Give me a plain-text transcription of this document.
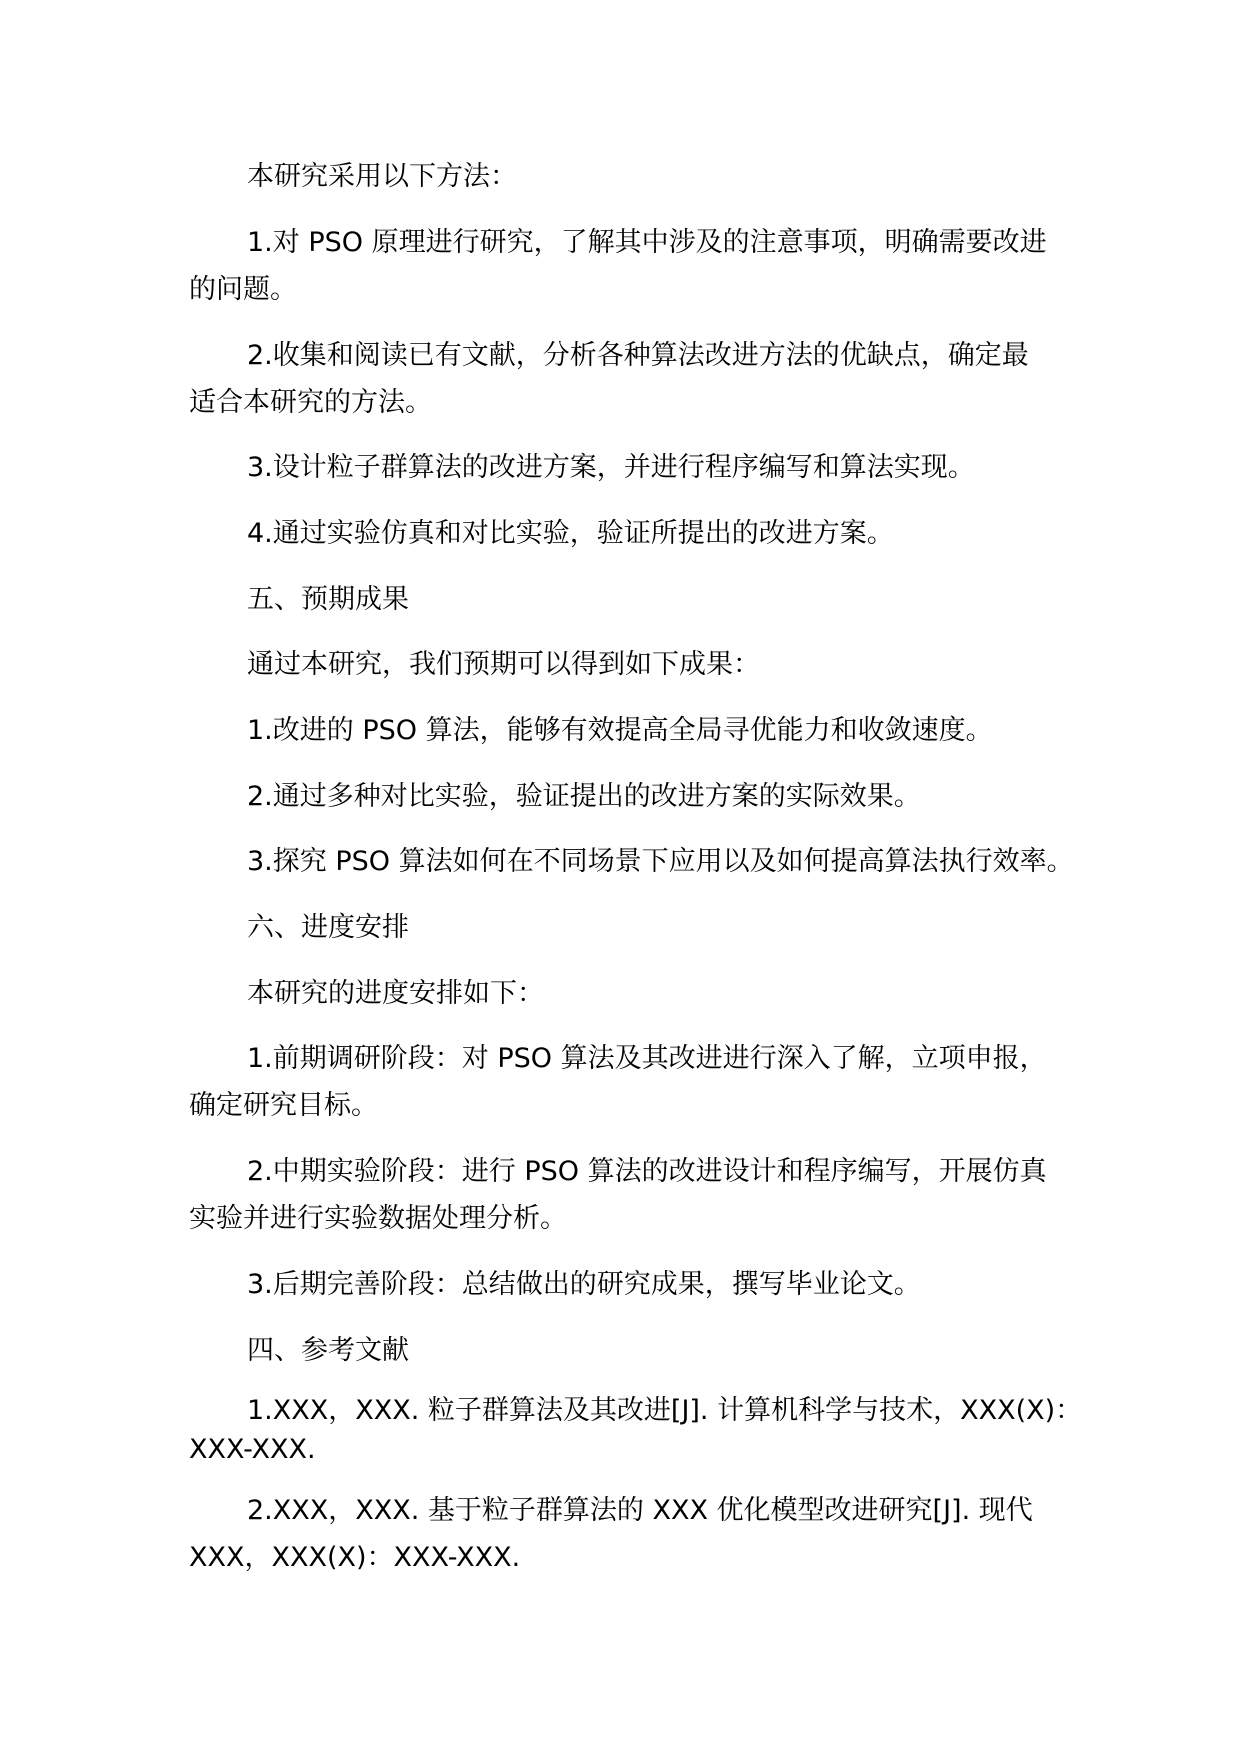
本研究采用以下方法：
1.对 PSO 原理进行研究，了解其中涉及的注意事项，明确需要改进
的问题。
2.收集和阅读已有文献，分析各种算法改进方法的优缺点，确定最
适合本研究的方法。
3.设计粒子群算法的改进方案，并进行程序编写和算法实现。
4.通过实验仿真和对比实验，验证所提出的改进方案。
五、预期成果
通过本研究，我们预期可以得到如下成果：
1.改进的 PSO 算法，能够有效提高全局寻优能力和收敛速度。
2.通过多种对比实验，验证提出的改进方案的实际效果。
3.探究 PSO 算法如何在不同场景下应用以及如何提高算法执行效率。
六、进度安排
本研究的进度安排如下：
1.前期调研阶段：对 PSO 算法及其改进进行深入了解，立项申报，
确定研究目标。
2.中期实验阶段：进行 PSO 算法的改进设计和程序编写，开展仿真
实验并进行实验数据处理分析。
3.后期完善阶段：总结做出的研究成果，撰写毕业论文。
四、参考文献
1.XXX，XXX. 粒子群算法及其改进[J]. 计算机科学与技术，XXX(X)：
XXX-XXX.
2.XXX，XXX. 基于粒子群算法的 XXX 优化模型改进研究[J]. 现代
XXX，XXX(X)：XXX-XXX.
